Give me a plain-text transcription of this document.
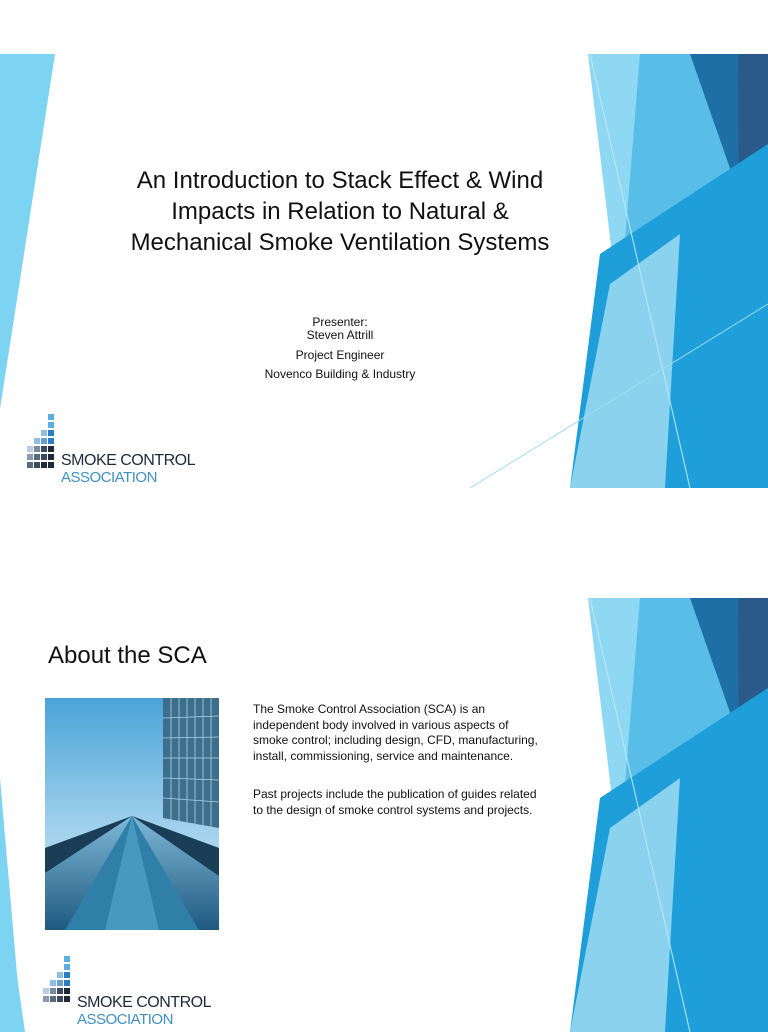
An Introduction to Stack Effect & Wind
Impacts in Relation to Natural &
Mechanical Smoke Ventilation Systems
Presenter:
Steven Attrill
Project Engineer
Novenco Building & Industry
SMOKE CONTROL
ASSOCIATION
About the SCA

The Smoke Control Association (SCA) is an independent body involved in various aspects of smoke control; including design, CFD, manufacturing, install, commissioning, service and maintenance.

Past projects include the publication of guides related to the design of smoke control systems and projects.

SMOKE CONTROL
ASSOCIATION
